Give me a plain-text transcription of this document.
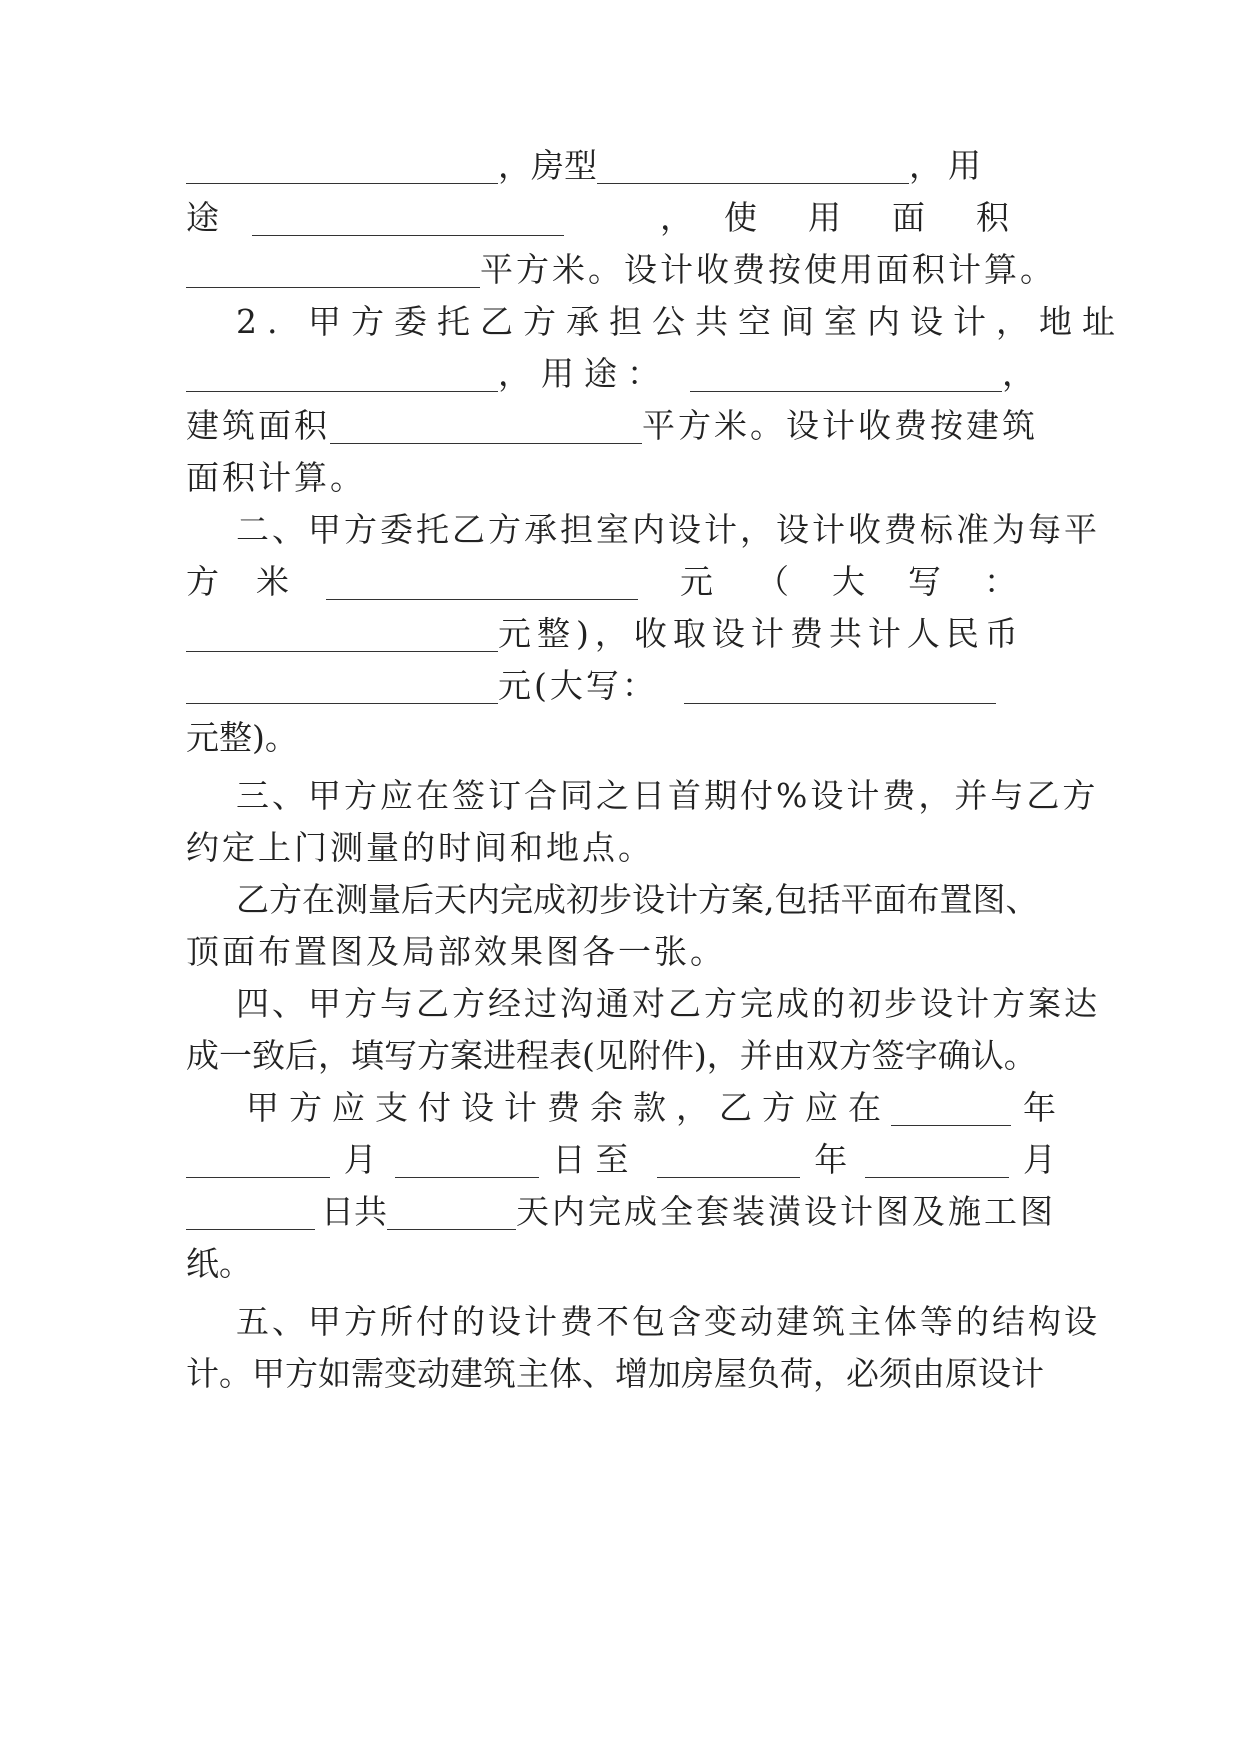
，房型	，用
途	， 使	用	面	积
平方米。设计收费按使用面积计算。
2. 甲方委托乙方承担公共空间室内设计，地址
，用途：	，
建筑面积	平方米。设计收费按建筑
面积计算。
二、甲方委托乙方承担室内设计，设计收费标准为每平
方	米	元	（	大	写	：
元整)，收取设计费共计人民币
元(大写：
元整)。
三、甲方应在签订合同之日首期付%设计费，并与乙方
约定上门测量的时间和地点。
乙方在测量后天内完成初步设计方案,包括平面布置图、
顶面布置图及局部效果图各一张。
四、甲方与乙方经过沟通对乙方完成的初步设计方案达
成一致后，填写方案进程表(见附件)，并由双方签字确认。
甲方应支付设计费余款，乙方应在	年
月	日至	年	月
日共	天内完成全套装潢设计图及施工图
纸。
五、甲方所付的设计费不包含变动建筑主体等的结构设
计。甲方如需变动建筑主体、增加房屋负荷，必须由原设计
